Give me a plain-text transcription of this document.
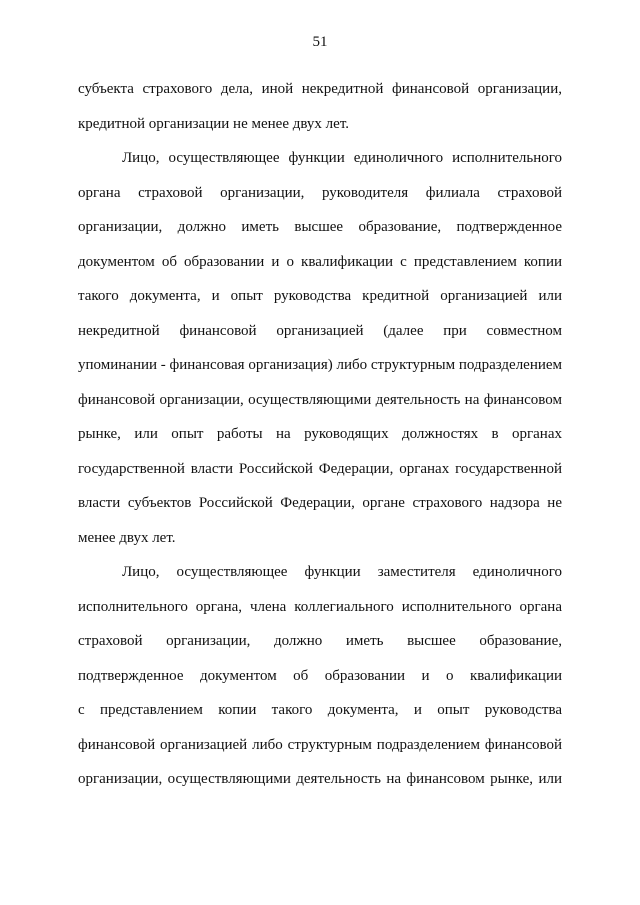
51
субъекта страхового дела, иной некредитной финансовой организации,
кредитной организации не менее двух лет.
Лицо, осуществляющее функции единоличного исполнительного
органа страховой организации, руководителя филиала страховой
организации, должно иметь высшее образование, подтвержденное
документом об образовании и о квалификации с представлением копии
такого документа, и опыт руководства кредитной организацией или
некредитной финансовой организацией (далее при совместном
упоминании - финансовая организация) либо структурным подразделением
финансовой организации, осуществляющими деятельность на финансовом
рынке, или опыт работы на руководящих должностях в органах
государственной власти Российской Федерации, органах государственной
власти субъектов Российской Федерации, органе страхового надзора не
менее двух лет.
Лицо, осуществляющее функции заместителя единоличного
исполнительного органа, члена коллегиального исполнительного органа
страховой организации, должно иметь высшее образование,
подтвержденное документом об образовании и о квалификации
с представлением копии такого документа, и опыт руководства
финансовой организацией либо структурным подразделением финансовой
организации, осуществляющими деятельность на финансовом рынке, или
